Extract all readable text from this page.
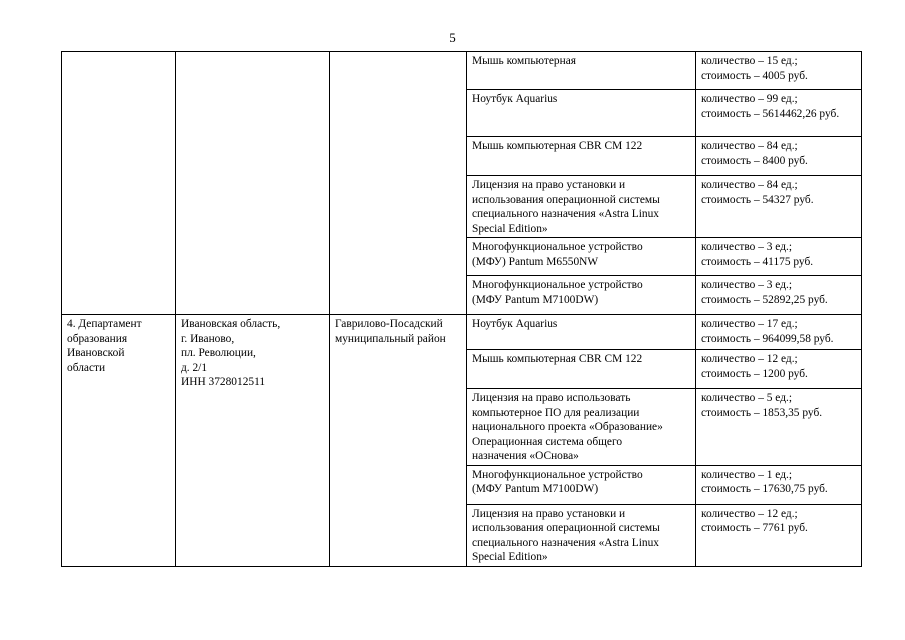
5

			Мышь компьютерная	количество – 15 ед.;
стоимость – 4005 руб.

			Ноутбук Aquarius	количество – 99 ед.;
стоимость – 5614462,26 руб.

			Мышь компьютерная CBR CM 122	количество – 84 ед.;
стоимость – 8400 руб.

			Лицензия на право установки и
использования операционной системы
специального назначения «Astra Linux
Special Edition»	количество – 84 ед.;
стоимость – 54327 руб.

			Многофункциональное устройство
(МФУ) Pantum M6550NW	количество – 3 ед.;
стоимость – 41175 руб.

			Многофункциональное устройство
(МФУ Pantum M7100DW)	количество – 3 ед.;
стоимость – 52892,25 руб.

4. Департамент
образования
Ивановской
области	Ивановская область,
г. Иваново,
пл. Революции,
д. 2/1
ИНН 3728012511	Гаврилово-Посадский
муниципальный район	Ноутбук Aquarius	количество – 17 ед.;
стоимость – 964099,58 руб.

			Мышь компьютерная CBR CM 122	количество – 12 ед.;
стоимость – 1200 руб.

			Лицензия на право использовать
компьютерное ПО для реализации
национального проекта «Образование»
Операционная система общего
назначения «ОСнова»	количество – 5 ед.;
стоимость – 1853,35 руб.

			Многофункциональное устройство
(МФУ Pantum M7100DW)	количество – 1 ед.;
стоимость – 17630,75 руб.

			Лицензия на право установки и
использования операционной системы
специального назначения «Astra Linux
Special Edition»	количество – 12 ед.;
стоимость – 7761 руб.
